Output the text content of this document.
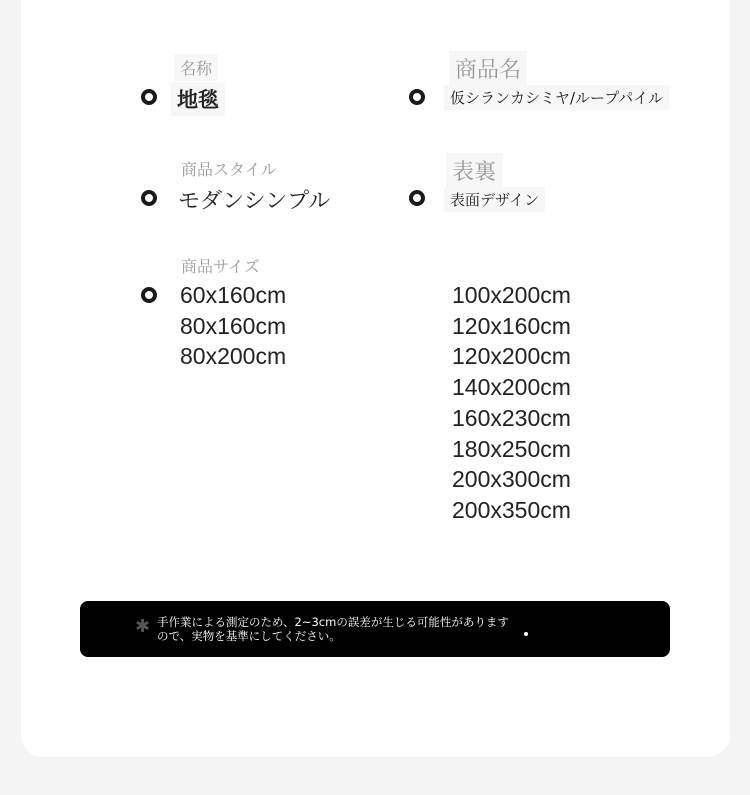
名称
地毯
商品名
仮シランカシミヤ/ループパイル
商品スタイル
モダンシンプル
表裏
表面デザイン
商品サイズ
60x160cm
80x160cm
80x200cm
100x200cm
120x160cm
120x200cm
140x200cm
160x230cm
180x250cm
200x300cm
200x350cm
✱ 手作業による測定のため、2~3cmの誤差が生じる可能性があります
ので、実物を基準にしてください。
